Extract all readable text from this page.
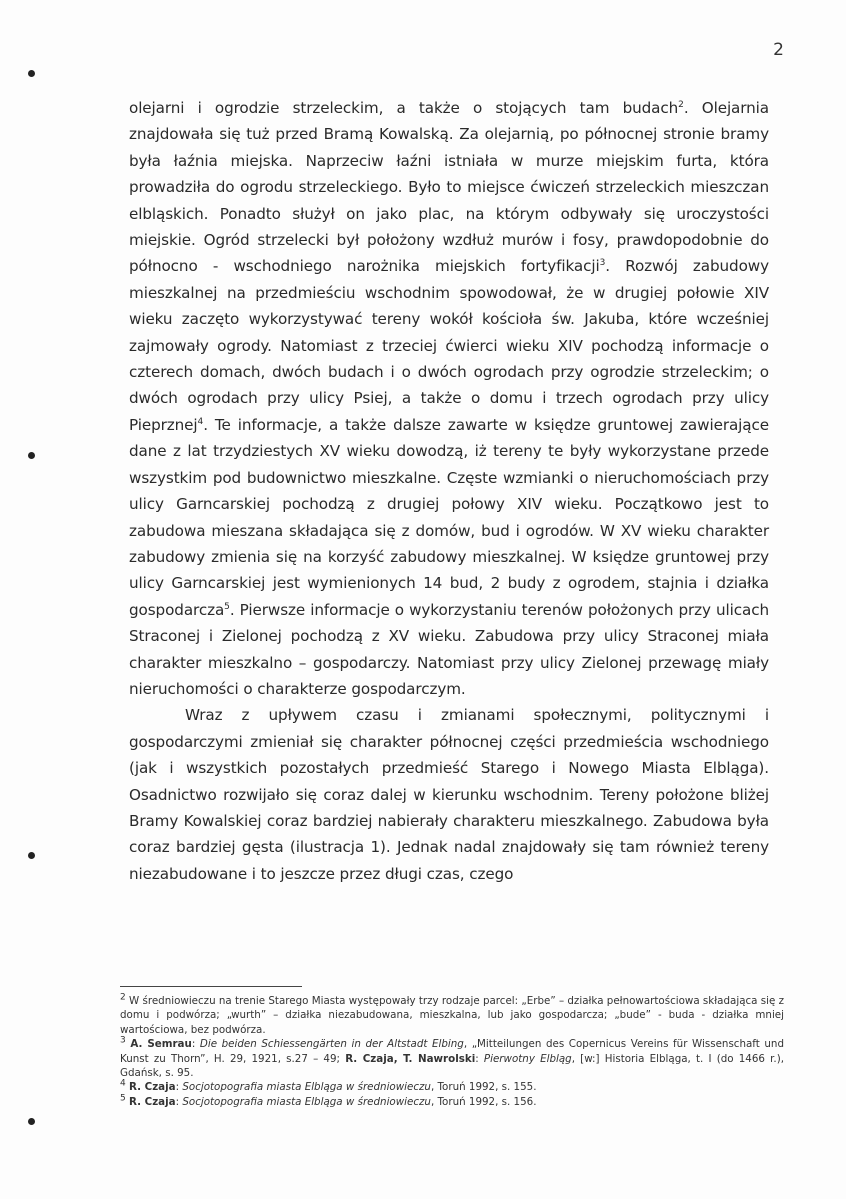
2

olejarni i ogrodzie strzeleckim, a także o stojących tam budach$^2$. Olejarnia znajdowała się tuż przed Bramą Kowalską. Za olejarnią, po północnej stronie bramy była łaźnia miejska. Naprzeciw łaźni istniała w murze miejskim furta, która prowadziła do ogrodu strzeleckiego. Było to miejsce ćwiczeń strzeleckich mieszczan elbląskich. Ponadto służył on jako plac, na którym odbywały się uroczystości miejskie. Ogród strzelecki był położony wzdłuż murów i fosy, prawdopodobnie do północno - wschodniego narożnika miejskich fortyfikacji$^3$. Rozwój zabudowy mieszkalnej na przedmieściu wschodnim spowodował, że w drugiej połowie XIV wieku zaczęto wykorzystywać tereny wokół kościoła św. Jakuba, które wcześniej zajmowały ogrody. Natomiast z trzeciej ćwierci wieku XIV pochodzą informacje o czterech domach, dwóch budach i o dwóch ogrodach przy ogrodzie strzeleckim; o dwóch ogrodach przy ulicy Psiej, a także o domu i trzech ogrodach przy ulicy Pieprznej$^4$. Te informacje, a także dalsze zawarte w księdze gruntowej zawierające dane z lat trzydziestych XV wieku dowodzą, iż tereny te były wykorzystane przede wszystkim pod budownictwo mieszkalne. Częste wzmianki o nieruchomościach przy ulicy Garncarskiej pochodzą z drugiej połowy XIV wieku. Początkowo jest to zabudowa mieszana składająca się z domów, bud i ogrodów. W XV wieku charakter zabudowy zmienia się na korzyść zabudowy mieszkalnej. W księdze gruntowej przy ulicy Garncarskiej jest wymienionych 14 bud, 2 budy z ogrodem, stajnia i działka gospodarcza$^5$. Pierwsze informacje o wykorzystaniu terenów położonych przy ulicach Straconej i Zielonej pochodzą z XV wieku. Zabudowa przy ulicy Straconej miała charakter mieszkalno – gospodarczy. Natomiast przy ulicy Zielonej przewagę miały nieruchomości o charakterze gospodarczym.

Wraz z upływem czasu i zmianami społecznymi, politycznymi i gospodarczymi zmieniał się charakter północnej części przedmieścia wschodniego (jak i wszystkich pozostałych przedmieść Starego i Nowego Miasta Elbląga). Osadnictwo rozwijało się coraz dalej w kierunku wschodnim. Tereny położone bliżej Bramy Kowalskiej coraz bardziej nabierały charakteru mieszkalnego. Zabudowa była coraz bardziej gęsta (ilustracja 1). Jednak nadal znajdowały się tam również tereny niezabudowane i to jeszcze przez długi czas, czego

$^2$ W średniowieczu na trenie Starego Miasta występowały trzy rodzaje parcel: „Erbe” – działka pełnowartościowa składająca się z domu i podwórza; „wurth” – działka niezabudowana, mieszkalna, lub jako gospodarcza; „bude” - buda - działka mniej wartościowa, bez podwórza.

$^3$ A. Semrau: Die beiden Schiessengärten in der Altstadt Elbing, „Mitteilungen des Copernicus Vereins für Wissenschaft und Kunst zu Thorn”, H. 29, 1921, s.27 – 49; R. Czaja, T. Nawrolski: Pierwotny Elbląg, [w:] Historia Elbląga, t. I (do 1466 r.), Gdańsk, s. 95.

$^4$ R. Czaja: Socjotopografia miasta Elbląga w średniowieczu, Toruń 1992, s. 155.

$^5$ R. Czaja: Socjotopografia miasta Elbląga w średniowieczu, Toruń 1992, s. 156.
